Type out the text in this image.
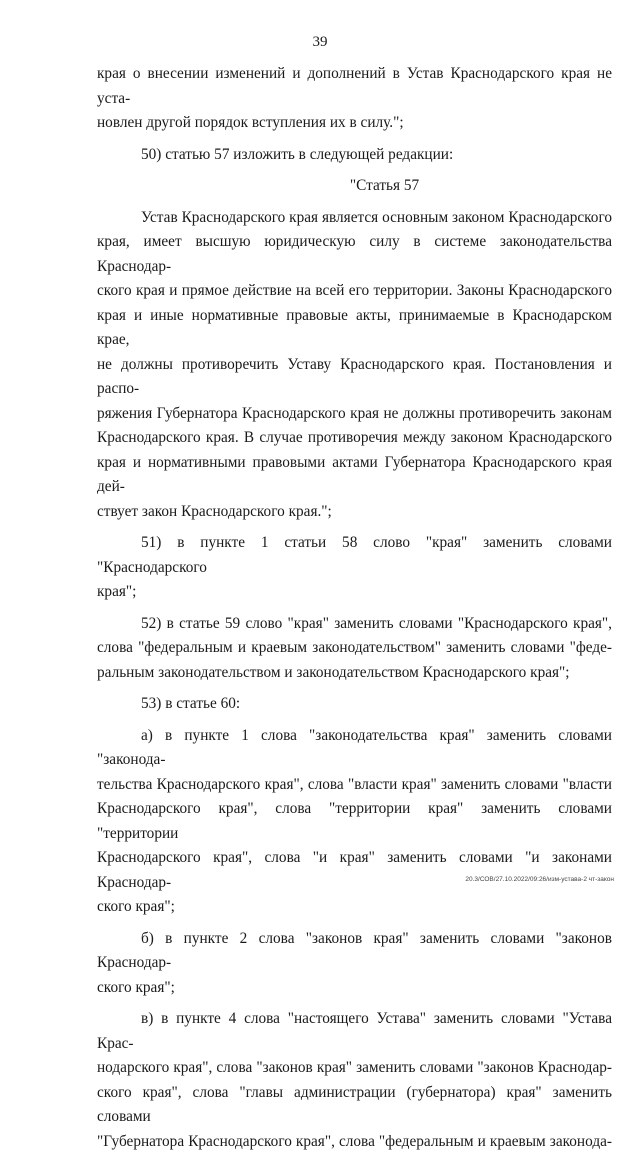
39

края о внесении изменений и дополнений в Устав Краснодарского края не уста-

новлен другой порядок вступления их в силу.";

50) статью 57 изложить в следующей редакции:

"Статья 57

Устав Краснодарского края является основным законом Краснодарского

края, имеет высшую юридическую силу в системе законодательства Краснодар-

ского края и прямое действие на всей его территории. Законы Краснодарского

края и иные нормативные правовые акты, принимаемые в Краснодарском крае,

не должны противоречить Уставу Краснодарского края. Постановления и распо-

ряжения Губернатора Краснодарского края не должны противоречить законам

Краснодарского края. В случае противоречия между законом Краснодарского

края и нормативными правовыми актами Губернатора Краснодарского края дей-

ствует закон Краснодарского края.";

51) в пункте 1 статьи 58 слово "края" заменить словами "Краснодарского

края";

52) в статье 59 слово "края" заменить словами "Краснодарского края",

слова "федеральным и краевым законодательством" заменить словами "феде-

ральным законодательством и законодательством Краснодарского края";

53) в статье 60:

а) в пункте 1 слова "законодательства края" заменить словами "законода-

тельства Краснодарского края", слова "власти края" заменить словами "власти

Краснодарского края", слова "территории края" заменить словами "территории

Краснодарского края", слова "и края" заменить словами "и законами Краснодар-

ского края";

б) в пункте 2 слова "законов края" заменить словами "законов Краснодар-

ского края";

в) в пункте 4 слова "настоящего Устава" заменить словами "Устава Крас-

нодарского края", слова "законов края" заменить словами "законов Краснодар-

ского края", слова "главы администрации (губернатора) края" заменить словами

"Губернатора Краснодарского края", слова "федеральным и краевым законода-

20.3/СОВ/27.10.2022/09:26/изм-устава-2 чт-закон
